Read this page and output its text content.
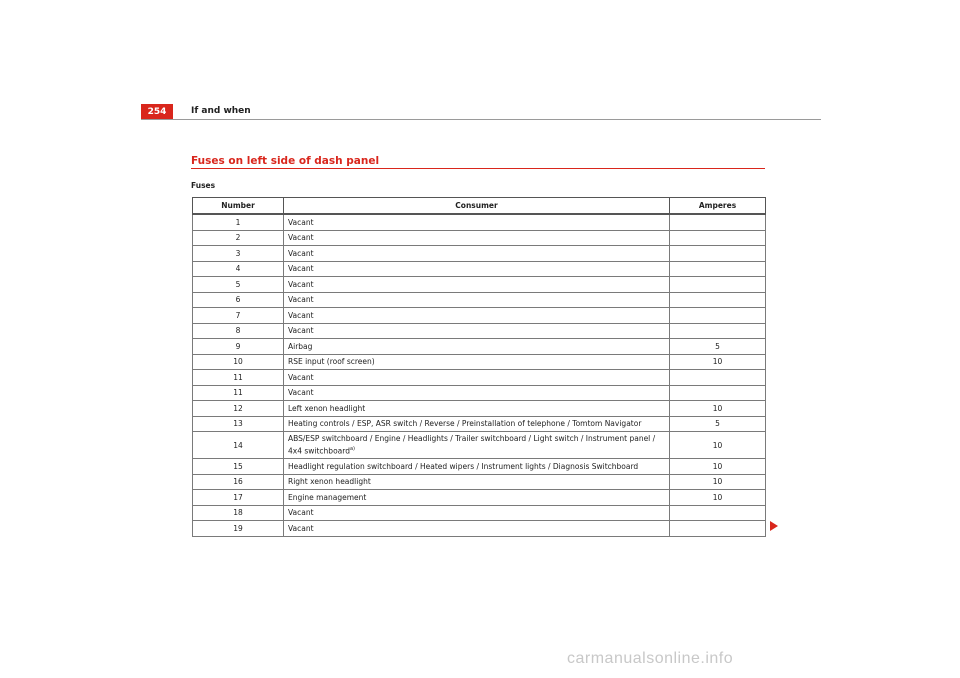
254	If and when
Fuses on left side of dash panel
Fuses
Number	Consumer	Amperes
1	Vacant	
2	Vacant	
3	Vacant	
4	Vacant	
5	Vacant	
6	Vacant	
7	Vacant	
8	Vacant	
9	Airbag	5
10	RSE input (roof screen)	10
11	Vacant	
11	Vacant	
12	Left xenon headlight	10
13	Heating controls / ESP, ASR switch / Reverse / Preinstallation of telephone / Tomtom Navigator	5
14	ABS/ESP switchboard / Engine / Headlights / Trailer switchboard / Light switch / Instrument panel / 4x4 switchboard$^{a)}$	10
15	Headlight regulation switchboard / Heated wipers / Instrument lights / Diagnosis Switchboard	10
16	Right xenon headlight	10
17	Engine management	10
18	Vacant	
19	Vacant	
carmanualsonline.info
